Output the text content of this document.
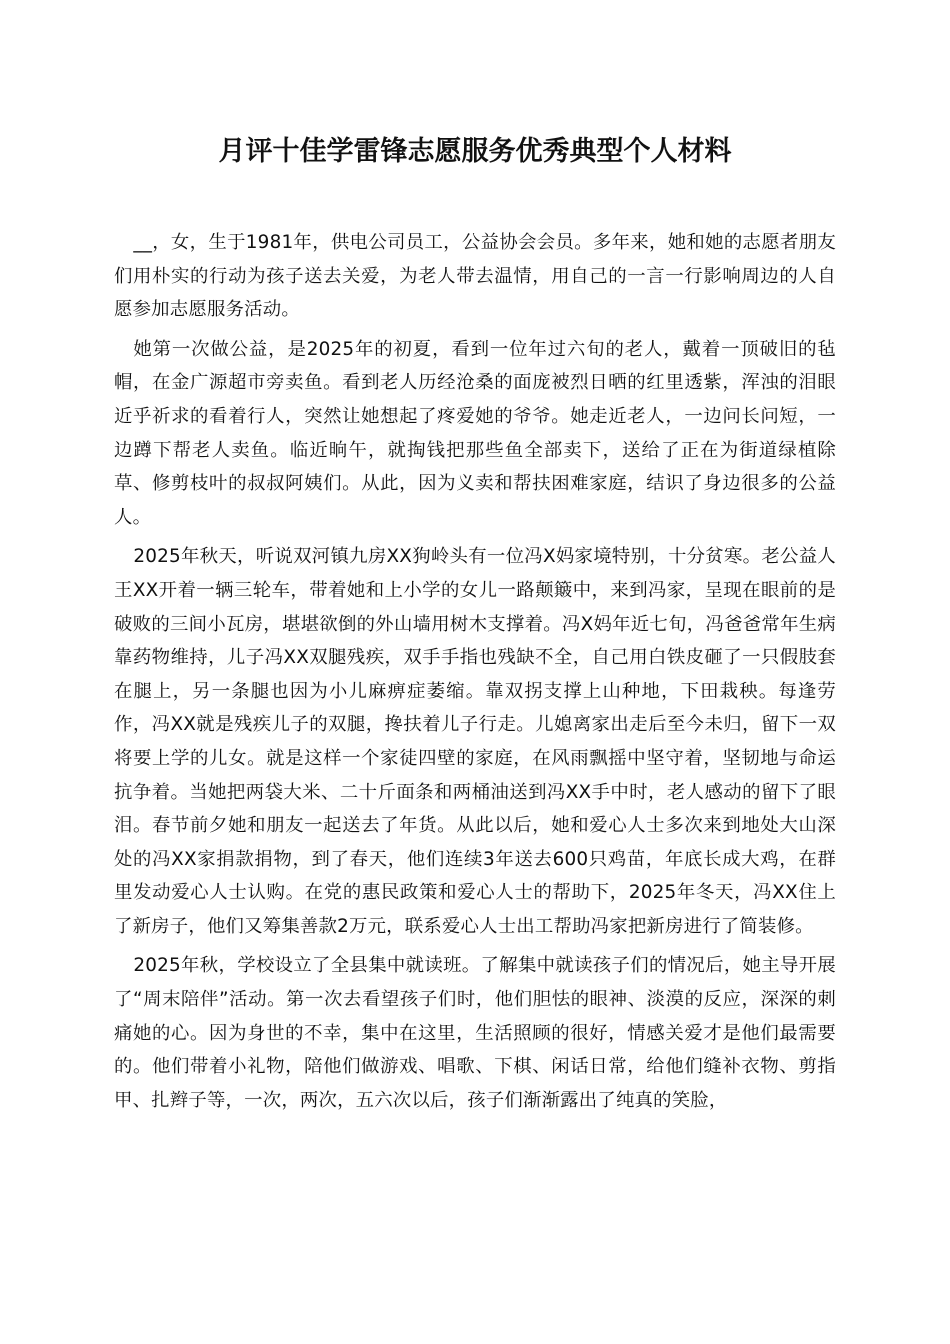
月评十佳学雷锋志愿服务优秀典型个人材料

__，女，生于1981年，供电公司员工，公益协会会员。多年来，她和她的志愿者朋友们用朴实的行动为孩子送去关爱，为老人带去温情，用自己的一言一行影响周边的人自愿参加志愿服务活动。

她第一次做公益，是2025年的初夏，看到一位年过六旬的老人，戴着一顶破旧的毡帽，在金广源超市旁卖鱼。看到老人历经沧桑的面庞被烈日晒的红里透紫，浑浊的泪眼近乎祈求的看着行人，突然让她想起了疼爱她的爷爷。她走近老人，一边问长问短，一边蹲下帮老人卖鱼。临近晌午，就掏钱把那些鱼全部卖下，送给了正在为街道绿植除草、修剪枝叶的叔叔阿姨们。从此，因为义卖和帮扶困难家庭，结识了身边很多的公益人。

2025年秋天，听说双河镇九房XX狗岭头有一位冯X妈家境特别，十分贫寒。老公益人王XX开着一辆三轮车，带着她和上小学的女儿一路颠簸中，来到冯家，呈现在眼前的是破败的三间小瓦房，堪堪欲倒的外山墙用树木支撑着。冯X妈年近七旬，冯爸爸常年生病靠药物维持，儿子冯XX双腿残疾，双手手指也残缺不全，自己用白铁皮砸了一只假肢套在腿上，另一条腿也因为小儿麻痹症萎缩。靠双拐支撑上山种地，下田栽秧。每逢劳作，冯XX就是残疾儿子的双腿，搀扶着儿子行走。儿媳离家出走后至今未归，留下一双将要上学的儿女。就是这样一个家徒四壁的家庭，在风雨飘摇中坚守着，坚韧地与命运抗争着。当她把两袋大米、二十斤面条和两桶油送到冯XX手中时，老人感动的留下了眼泪。春节前夕她和朋友一起送去了年货。从此以后，她和爱心人士多次来到地处大山深处的冯XX家捐款捐物，到了春天，他们连续3年送去600只鸡苗，年底长成大鸡，在群里发动爱心人士认购。在党的惠民政策和爱心人士的帮助下，2025年冬天，冯XX住上了新房子，他们又筹集善款2万元，联系爱心人士出工帮助冯家把新房进行了简装修。

2025年秋，学校设立了全县集中就读班。了解集中就读孩子们的情况后，她主导开展了“周末陪伴”活动。第一次去看望孩子们时，他们胆怯的眼神、淡漠的反应，深深的刺痛她的心。因为身世的不幸，集中在这里，生活照顾的很好，情感关爱才是他们最需要的。他们带着小礼物，陪他们做游戏、唱歌、下棋、闲话日常，给他们缝补衣物、剪指甲、扎辫子等，一次，两次，五六次以后，孩子们渐渐露出了纯真的笑脸，
